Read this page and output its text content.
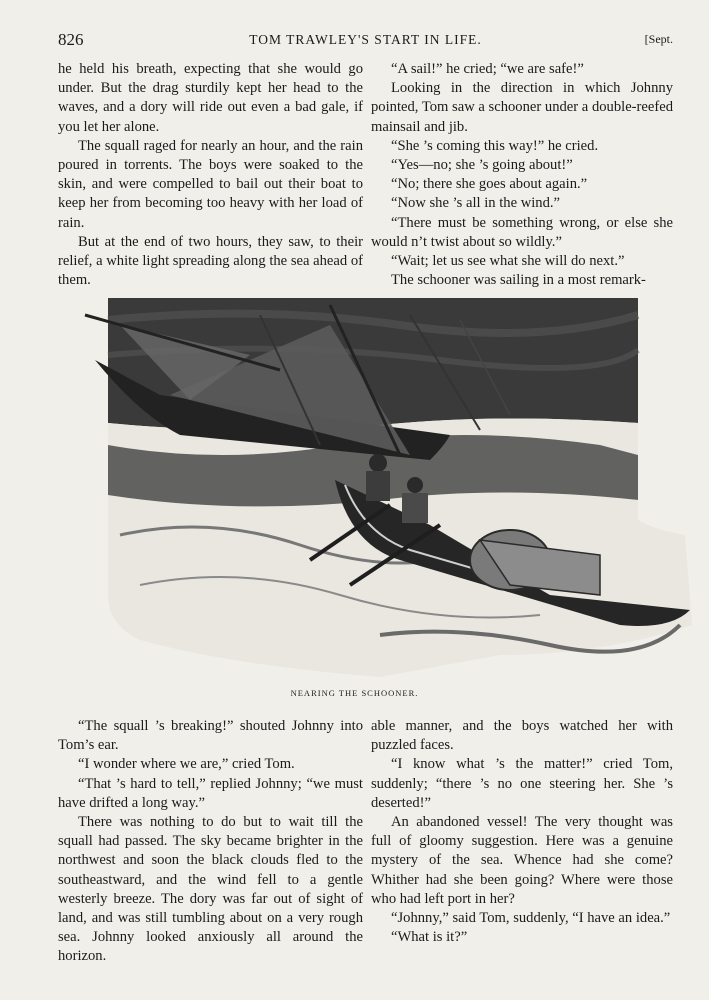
826	TOM TRAWLEY'S START IN LIFE.	[Sept.

he held his breath, expecting that she would go under. But the drag sturdily kept her head to the waves, and a dory will ride out even a bad gale, if you let her alone.

The squall raged for nearly an hour, and the rain poured in torrents. The boys were soaked to the skin, and were compelled to bail out their boat to keep her from becoming too heavy with her load of rain.

But at the end of two hours, they saw, to their relief, a white light spreading along the sea ahead of them.

“A sail!” he cried; “we are safe!”

Looking in the direction in which Johnny pointed, Tom saw a schooner under a double-reefed mainsail and jib.

“She ’s coming this way!” he cried.

“Yes—no; she ’s going about!”

“No; there she goes about again.”

“Now she ’s all in the wind.”

“There must be something wrong, or else she would n’t twist about so wildly.”

“Wait; let us see what she will do next.”

The schooner was sailing in a most remark-

NEARING THE SCHOONER.

“The squall ’s breaking!” shouted Johnny into Tom’s ear.

“I wonder where we are,” cried Tom.

“That ’s hard to tell,” replied Johnny; “we must have drifted a long way.”

There was nothing to do but to wait till the squall had passed. The sky became brighter in the northwest and soon the black clouds fled to the southeastward, and the wind fell to a gentle westerly breeze. The dory was far out of sight of land, and was still tumbling about on a very rough sea. Johnny looked anxiously all around the horizon.

able manner, and the boys watched her with puzzled faces.

“I know what ’s the matter!” cried Tom, suddenly; “there ’s no one steering her. She ’s deserted!”

An abandoned vessel! The very thought was full of gloomy suggestion. Here was a genuine mystery of the sea. Whence had she come? Whither had she been going? Where were those who had left port in her?

“Johnny,” said Tom, suddenly, “I have an idea.”

“What is it?”
